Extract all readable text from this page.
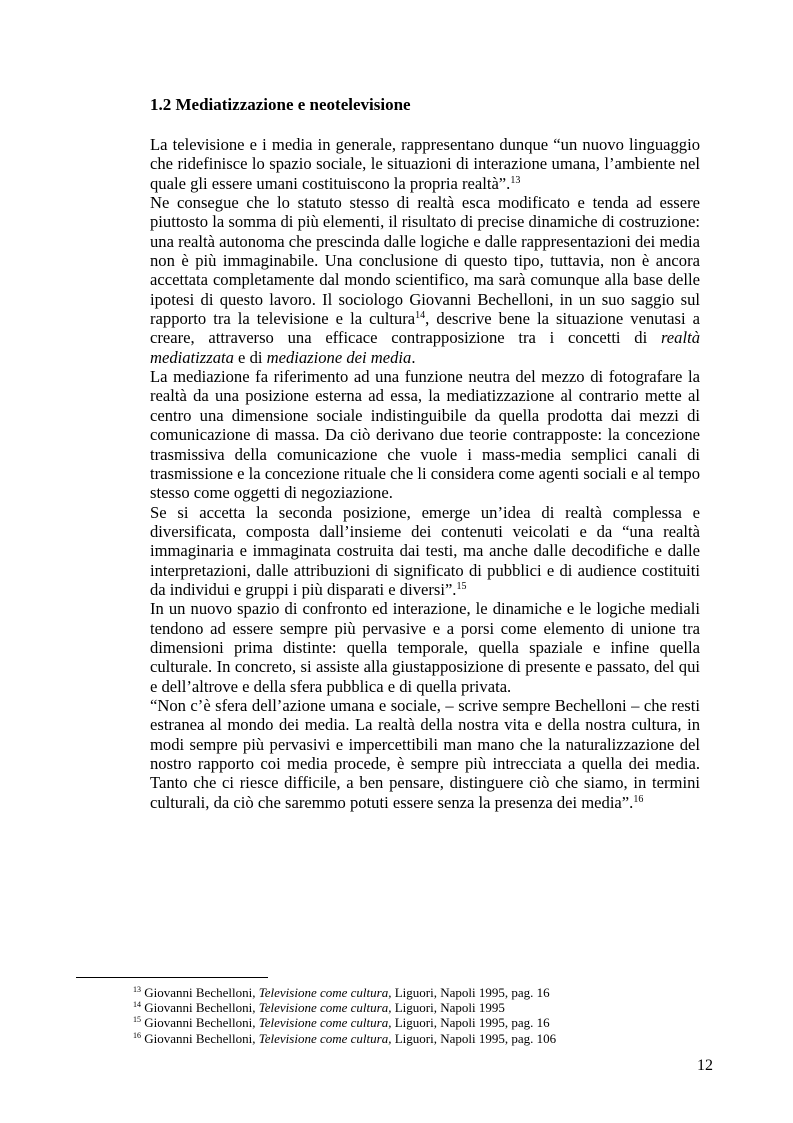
1.2 Mediatizzazione e neotelevisione

La televisione e i media in generale, rappresentano dunque “un nuovo linguaggio che ridefinisce lo spazio sociale, le situazioni di interazione umana, l’ambiente nel quale gli essere umani costituiscono la propria realtà”.$^{13}$

Ne consegue che lo statuto stesso di realtà esca modificato e tenda ad essere piuttosto la somma di più elementi, il risultato di precise dinamiche di costruzione: una realtà autonoma che prescinda dalle logiche e dalle rappresentazioni dei media non è più immaginabile. Una conclusione di questo tipo, tuttavia, non è ancora accettata completamente dal mondo scientifico, ma sarà comunque alla base delle ipotesi di questo lavoro. Il sociologo Giovanni Bechelloni, in un suo saggio sul rapporto tra la televisione e la cultura$^{14}$, descrive bene la situazione venutasi a creare, attraverso una efficace contrapposizione tra i concetti di realtà mediatizzata e di mediazione dei media.

La mediazione fa riferimento ad una funzione neutra del mezzo di fotografare la realtà da una posizione esterna ad essa, la mediatizzazione al contrario mette al centro una dimensione sociale indistinguibile da quella prodotta dai mezzi di comunicazione di massa. Da ciò derivano due teorie contrapposte: la concezione trasmissiva della comunicazione che vuole i mass-media semplici canali di trasmissione e la concezione rituale che li considera come agenti sociali e al tempo stesso come oggetti di negoziazione.

Se si accetta la seconda posizione, emerge un’idea di realtà complessa e diversificata, composta dall’insieme dei contenuti veicolati e da “una realtà immaginaria e immaginata costruita dai testi, ma anche dalle decodifiche e dalle interpretazioni, dalle attribuzioni di significato di pubblici e di audience costituiti da individui e gruppi i più disparati e diversi”.$^{15}$

In un nuovo spazio di confronto ed interazione, le dinamiche e le logiche mediali tendono ad essere sempre più pervasive e a porsi come elemento di unione tra dimensioni prima distinte: quella temporale, quella spaziale e infine quella culturale. In concreto, si assiste alla giustapposizione di presente e passato, del qui e dell’altrove e della sfera pubblica e di quella privata.

“Non c’è sfera dell’azione umana e sociale, – scrive sempre Bechelloni – che resti estranea al mondo dei media. La realtà della nostra vita e della nostra cultura, in modi sempre più pervasivi e impercettibili man mano che la naturalizzazione del nostro rapporto coi media procede, è sempre più intrecciata a quella dei media. Tanto che ci riesce difficile, a ben pensare, distinguere ciò che siamo, in termini culturali, da ciò che saremmo potuti essere senza la presenza dei media”.$^{16}$

$^{13}$ Giovanni Bechelloni, Televisione come cultura, Liguori, Napoli 1995, pag. 16
$^{14}$ Giovanni Bechelloni, Televisione come cultura, Liguori, Napoli 1995
$^{15}$ Giovanni Bechelloni, Televisione come cultura, Liguori, Napoli 1995, pag. 16
$^{16}$ Giovanni Bechelloni, Televisione come cultura, Liguori, Napoli 1995, pag. 106
12
